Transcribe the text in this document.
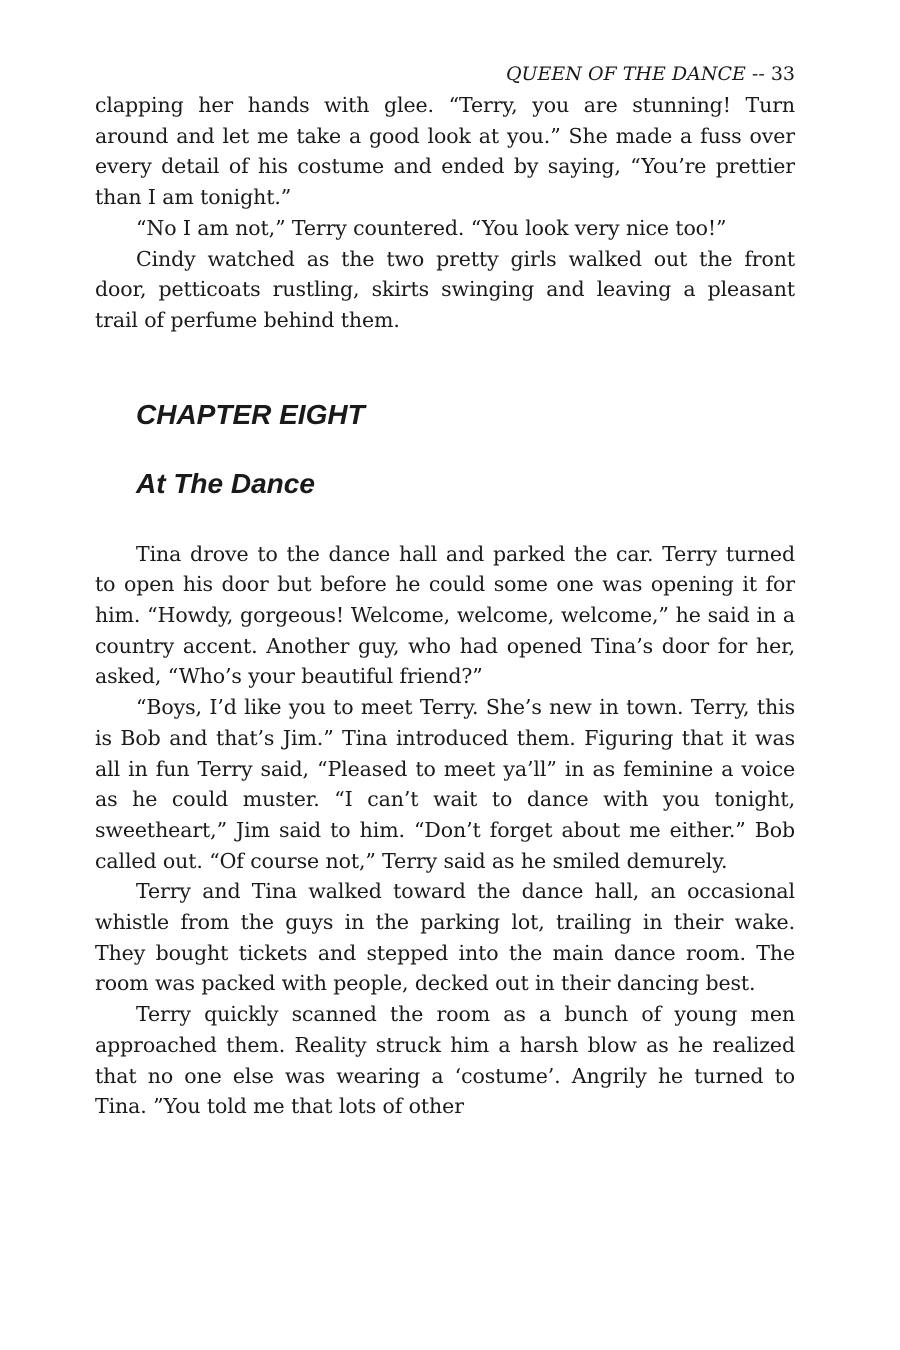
QUEEN OF THE DANCE -- 33

clapping her hands with glee. “Terry, you are stunning! Turn around and let me take a good look at you.” She made a fuss over every detail of his costume and ended by saying, “You’re prettier than I am tonight.”

“No I am not,” Terry countered. “You look very nice too!”

Cindy watched as the two pretty girls walked out the front door, petticoats rustling, skirts swinging and leaving a pleasant trail of perfume behind them.

CHAPTER EIGHT
At The Dance

Tina drove to the dance hall and parked the car. Terry turned to open his door but before he could some one was opening it for him. “Howdy, gorgeous! Welcome, welcome, welcome,” he said in a country accent. Another guy, who had opened Tina’s door for her, asked, “Who’s your beautiful friend?”

“Boys, I’d like you to meet Terry. She’s new in town. Terry, this is Bob and that’s Jim.” Tina introduced them. Figuring that it was all in fun Terry said, “Pleased to meet ya’ll” in as feminine a voice as he could muster. “I can’t wait to dance with you tonight, sweetheart,” Jim said to him. “Don’t forget about me either.” Bob called out. “Of course not,” Terry said as he smiled demurely.

Terry and Tina walked toward the dance hall, an occasional whistle from the guys in the parking lot, trailing in their wake. They bought tickets and stepped into the main dance room. The room was packed with people, decked out in their dancing best.

Terry quickly scanned the room as a bunch of young men approached them. Reality struck him a harsh blow as he realized that no one else was wearing a ‘costume’. Angrily he turned to Tina. ”You told me that lots of other
